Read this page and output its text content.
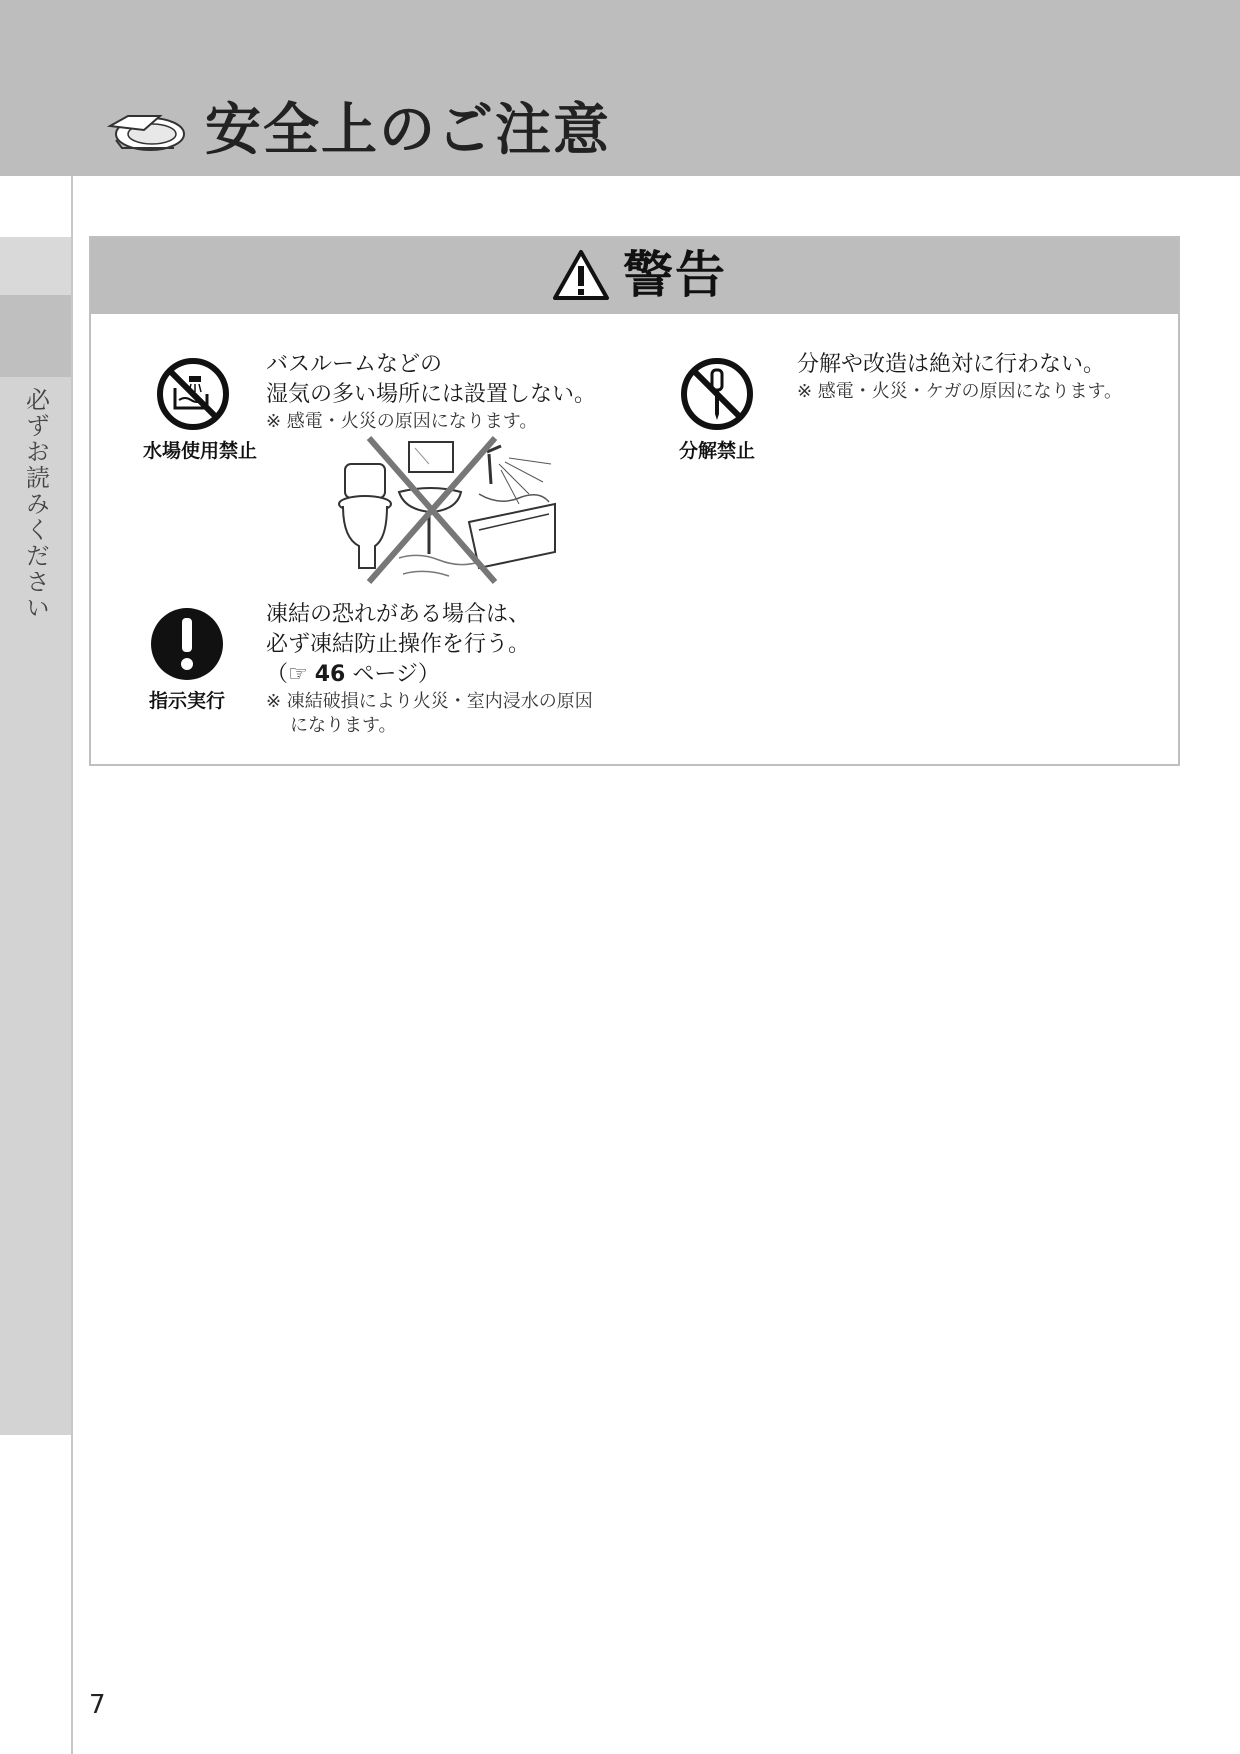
安全上のご注意
必ずお読みください
警告
水場使用禁止
バスルームなどの
湿気の多い場所には設置しない。
※ 感電・火災の原因になります。
分解禁止
分解や改造は絶対に行わない。
※ 感電・火災・ケガの原因になります。
指示実行
凍結の恐れがある場合は、
必ず凍結防止操作を行う。
（☞ 46 ページ）
※ 凍結破損により火災・室内浸水の原因
になります。
7
